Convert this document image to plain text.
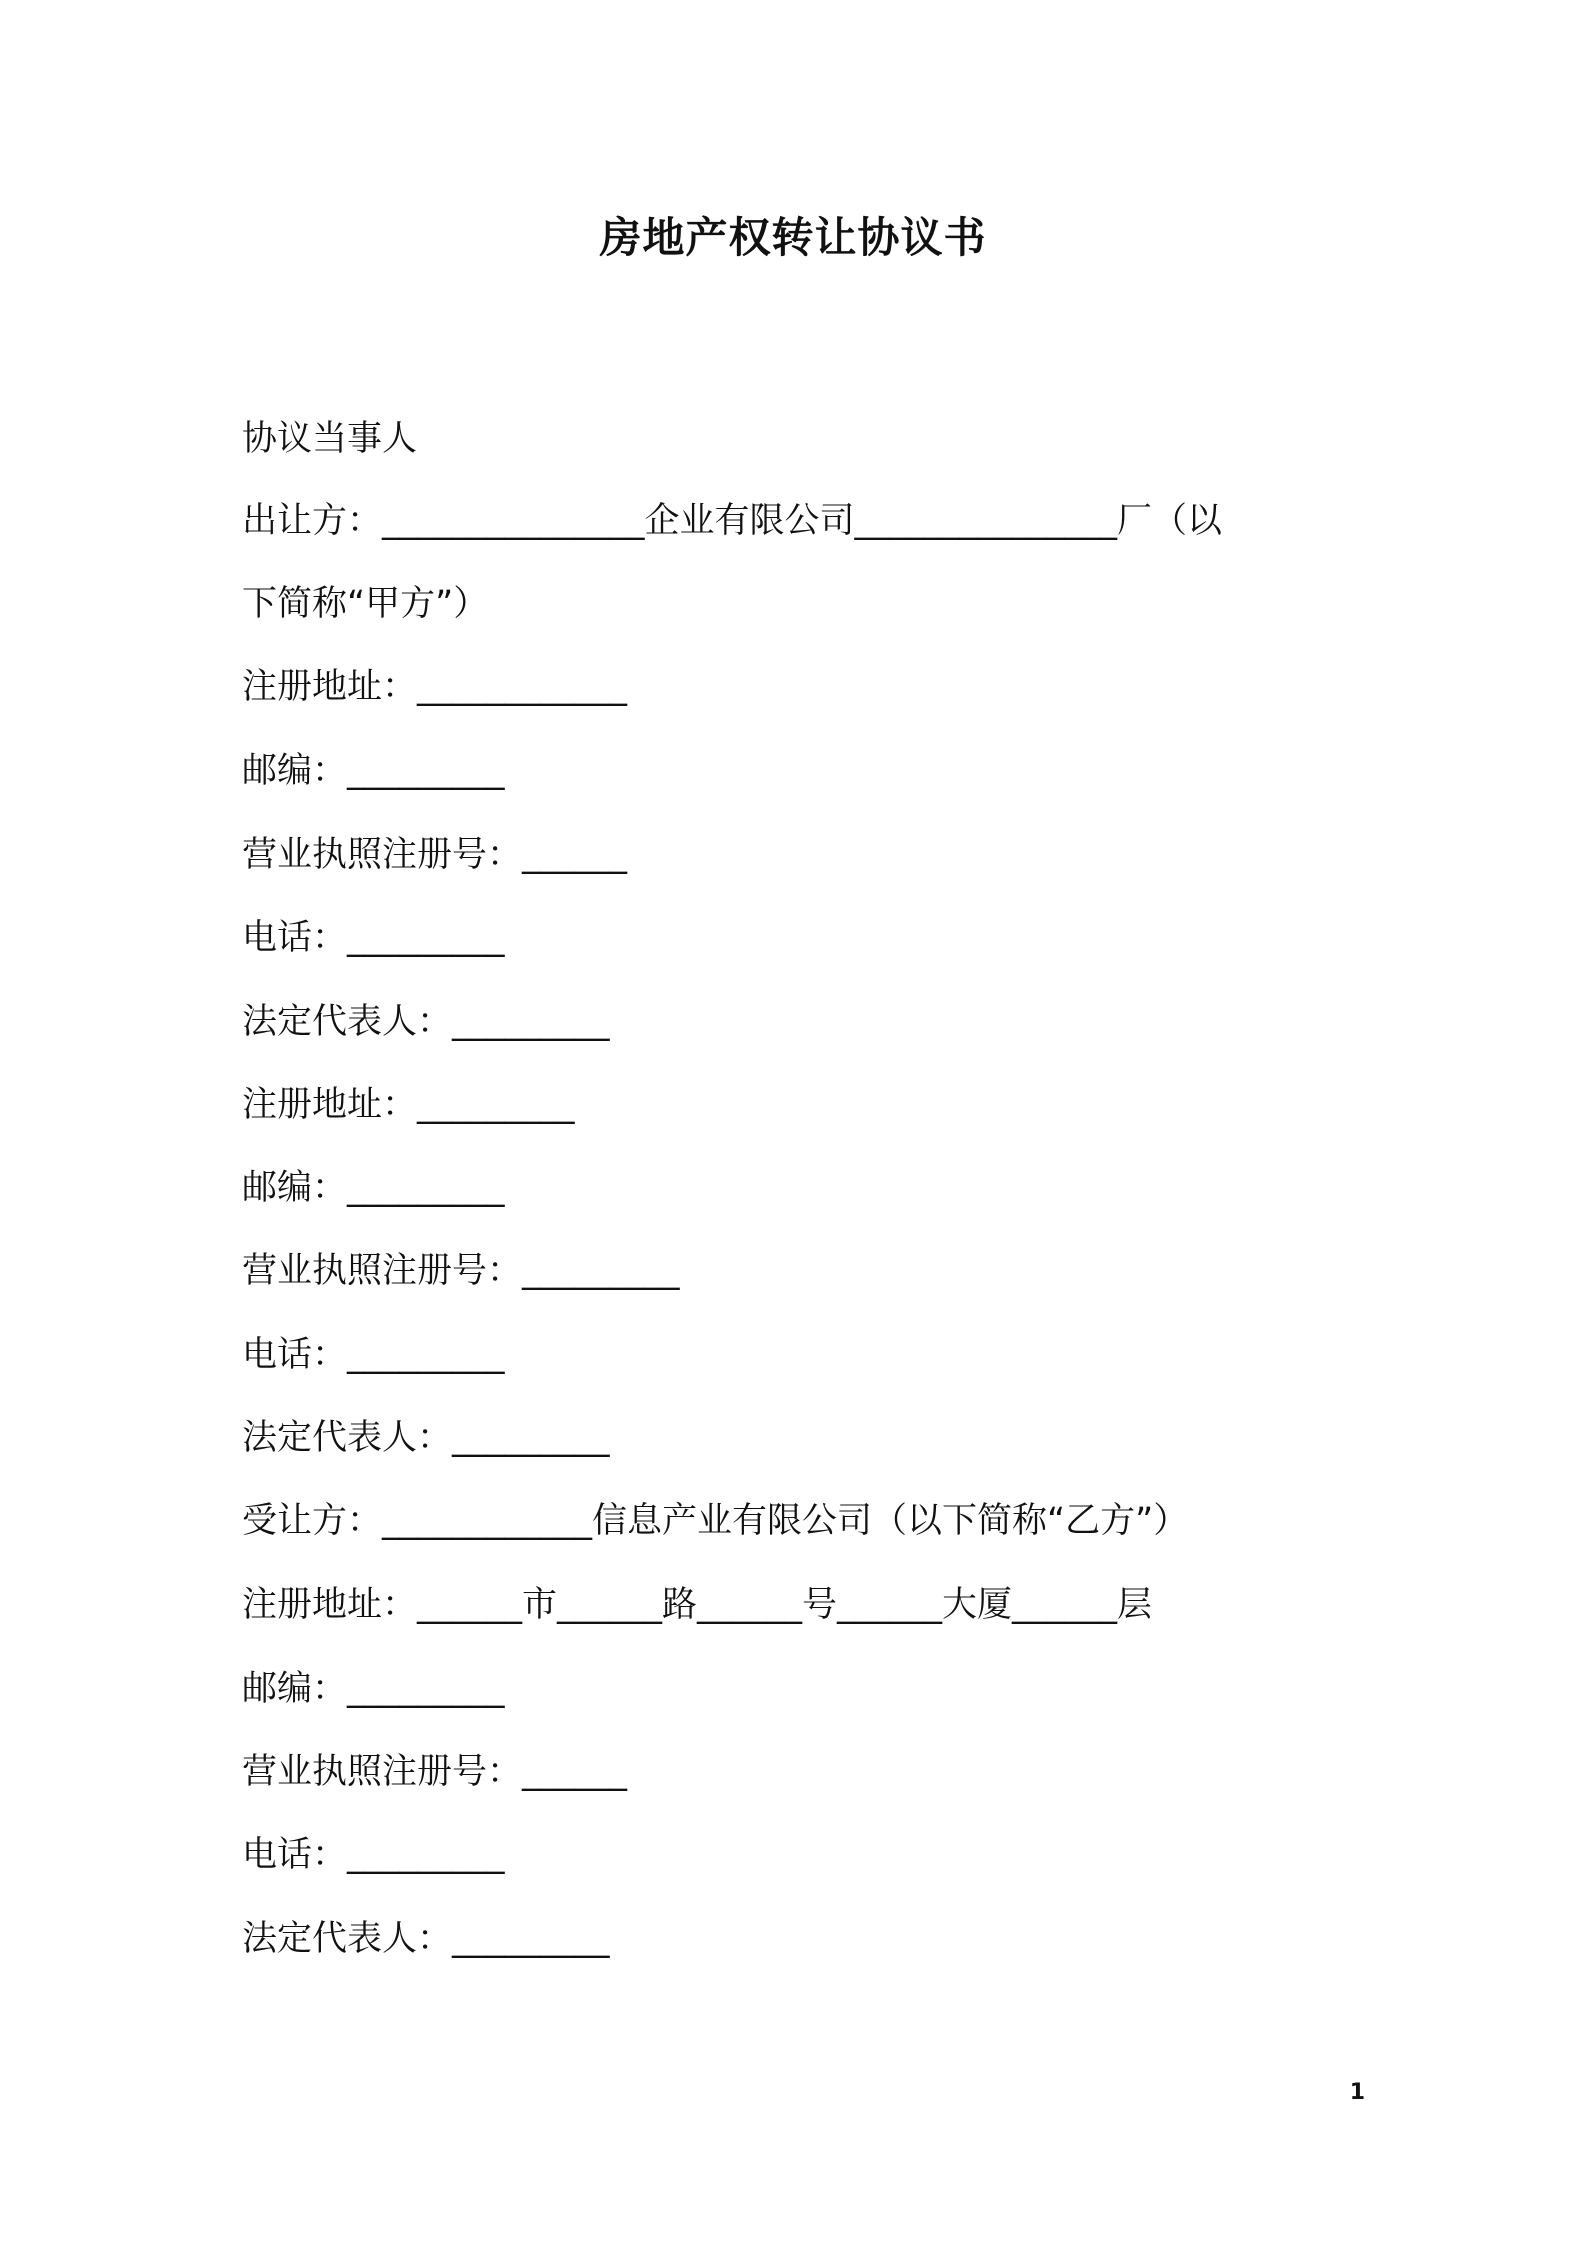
房地产权转让协议书
协议当事人
出让方：_______________企业有限公司_______________厂（以
下简称“甲方”）
注册地址：____________
邮编：_________
营业执照注册号：______
电话：_________
法定代表人：_________
注册地址：_________
邮编：_________
营业执照注册号：_________
电话：_________
法定代表人：_________
受让方：____________信息产业有限公司（以下简称“乙方”）
注册地址：______市______路______号______大厦______层
邮编：_________
营业执照注册号：______
电话：_________
法定代表人：_________
1
